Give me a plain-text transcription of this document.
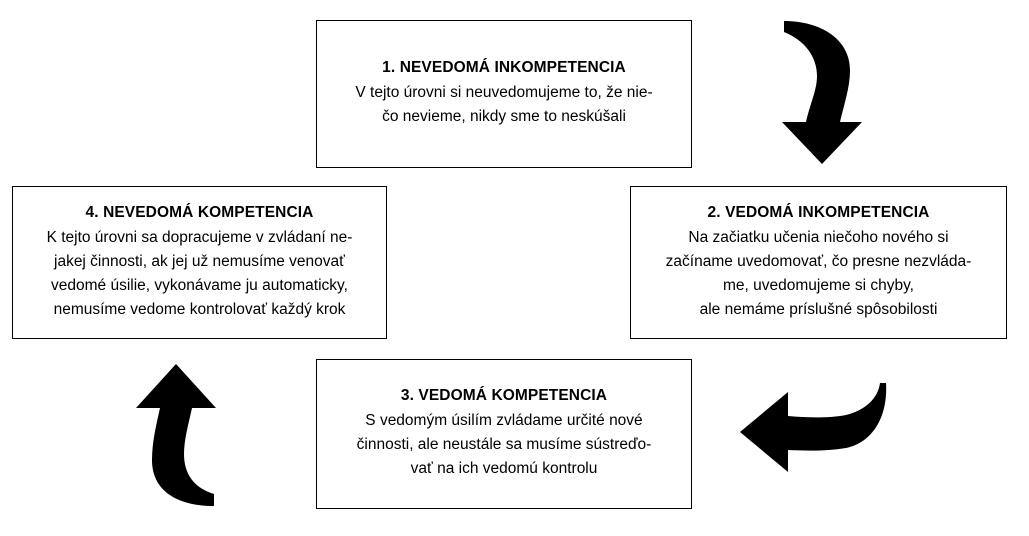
1. NEVEDOMÁ INKOMPETENCIA
V tejto úrovni si neuvedomujeme to, že nie-
čo nevieme, nikdy sme to neskúšali
2. VEDOMÁ INKOMPETENCIA
Na začiatku učenia niečoho nového si
začíname uvedomovať, čo presne nezvláda-
me, uvedomujeme si chyby,
ale nemáme príslušné spôsobilosti
3. VEDOMÁ KOMPETENCIA
S vedomým úsilím zvládame určité nové
činnosti, ale neustále sa musíme sústreďo-
vať na ich vedomú kontrolu
4. NEVEDOMÁ KOMPETENCIA
K tejto úrovni sa dopracujeme v zvládaní ne-
jakej činnosti, ak jej už nemusíme venovať
vedomé úsilie, vykonávame ju automaticky,
nemusíme vedome kontrolovať každý krok
